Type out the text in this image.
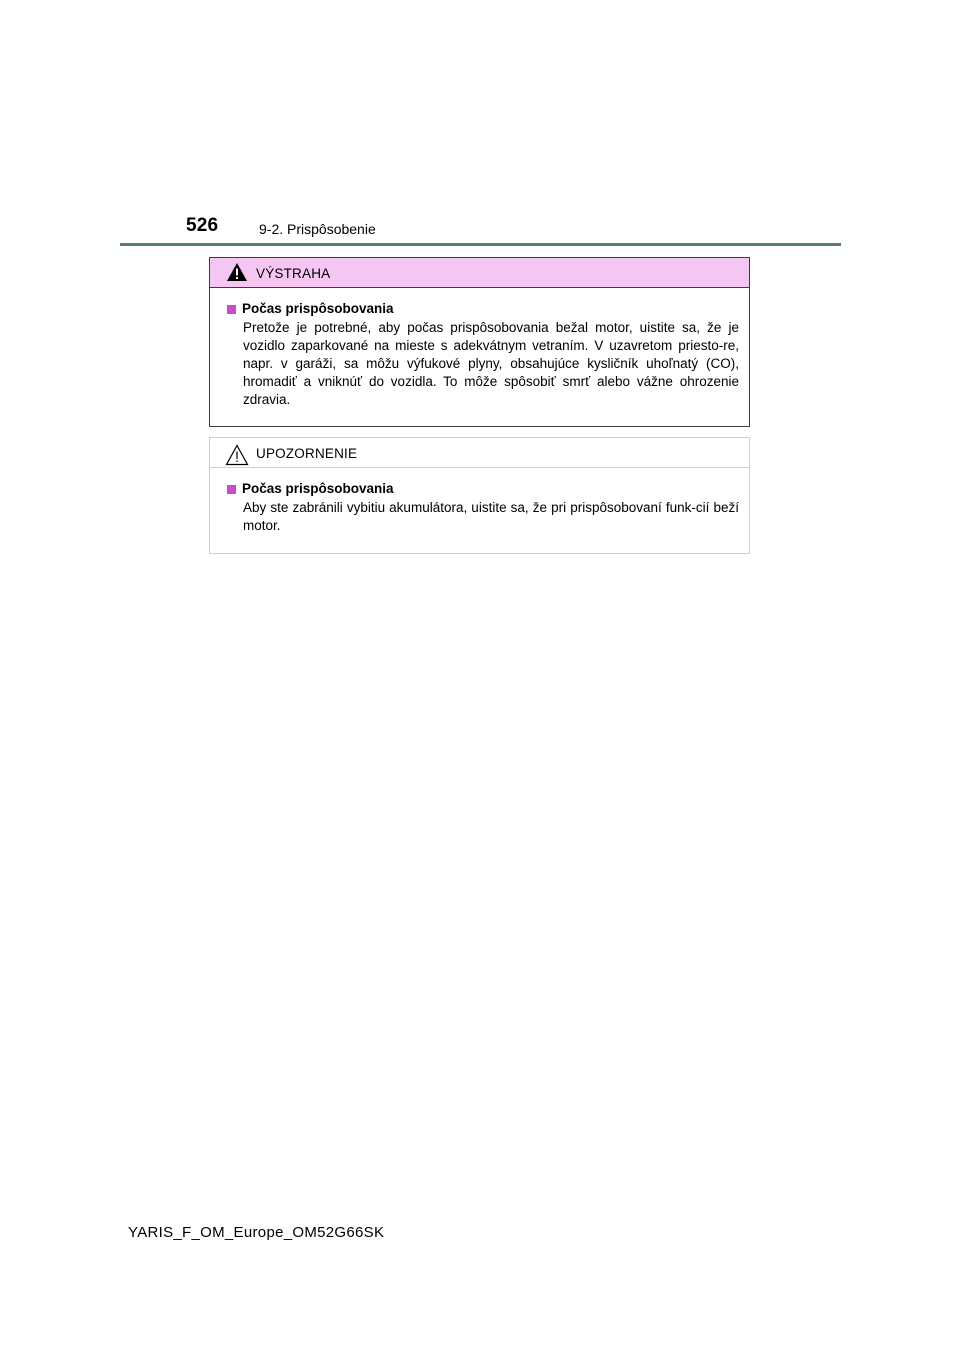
526	9-2. Prispôsobenie
VÝSTRAHA
Počas prispôsobovania

Pretože je potrebné, aby počas prispôsobovania bežal motor, uistite sa, že je vozidlo zaparkované na mieste s adekvátnym vetraním. V uzavretom priesto-re, napr. v garáži, sa môžu výfukové plyny, obsahujúce kysličník uhoľnatý (CO), hromadiť a vniknúť do vozidla. To môže spôsobiť smrť alebo vážne ohrozenie zdravia.

UPOZORNENIE
Počas prispôsobovania

Aby ste zabránili vybitiu akumulátora, uistite sa, že pri prispôsobovaní funk-cií beží motor.

YARIS_F_OM_Europe_OM52G66SK
